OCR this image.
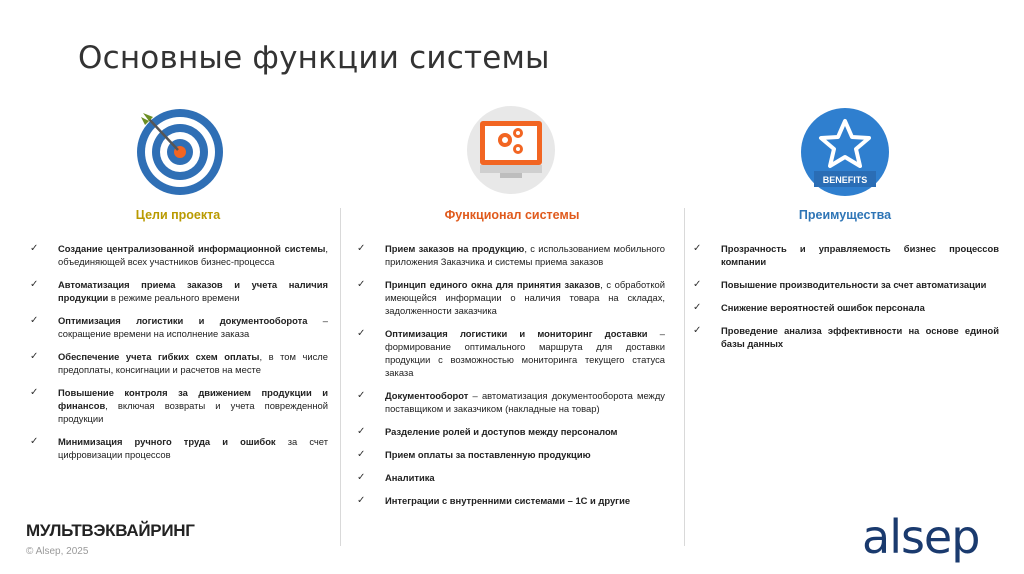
Основные функции системы
BENEFITS
Цели проекта	Функционал системы	Преимущества
✓ Создание централизованной информационной системы, объединяющей всех участников бизнес-процесса
✓ Автоматизация приема заказов и учета наличия продукции в режиме реального времени
✓ Оптимизация логистики и документооборота – сокращение времени на исполнение заказа
✓ Обеспечение учета гибких схем оплаты, в том числе предоплаты, консигнации и расчетов на месте
✓ Повышение контроля за движением продукции и финансов, включая возвраты и учета поврежденной продукции
✓ Минимизация ручного труда и ошибок за счет цифровизации процессов
✓ Прием заказов на продукцию, с использованием мобильного приложения Заказчика и системы приема заказов
✓ Принцип единого окна для принятия заказов, с обработкой имеющейся информации о наличия товара на складах, задолженности заказчика
✓ Оптимизация логистики и мониторинг доставки – формирование оптимального маршрута для доставки продукции с возможностью мониторинга текущего статуса заказа
✓ Документооборот – автоматизация документооборота между поставщиком и заказчиком (накладные на товар)
✓ Разделение ролей и доступов между персоналом
✓ Прием оплаты за поставленную продукцию
✓ Аналитика
✓ Интеграции с внутренними системами – 1С и другие
✓ Прозрачность и управляемость бизнес процессов компании
✓ Повышение производительности за счет автоматизации
✓ Снижение вероятностей ошибок персонала
✓ Проведение анализа эффективности на основе единой базы данных
МУЛЬТВЭКВАЙРИНГ
© Alsep, 2025	alsep
